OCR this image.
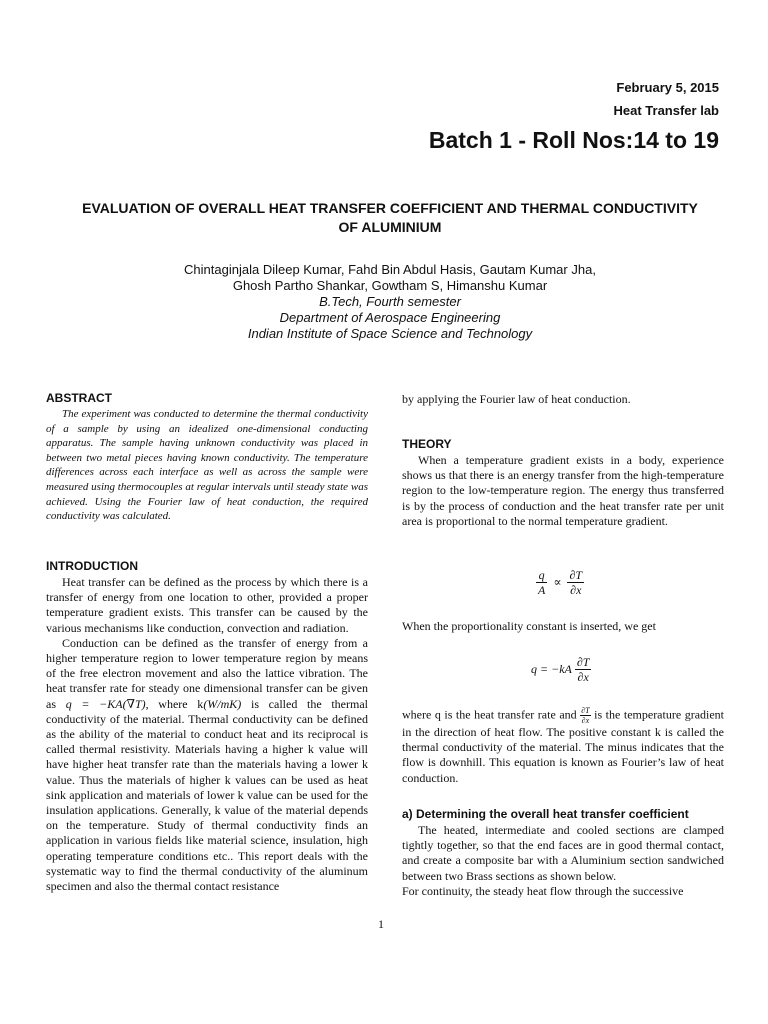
February 5, 2015
Heat Transfer lab
Batch 1 - Roll Nos:14 to 19
EVALUATION OF OVERALL HEAT TRANSFER COEFFICIENT AND THERMAL CONDUCTIVITY OF ALUMINIUM
Chintaginjala Dileep Kumar, Fahd Bin Abdul Hasis, Gautam Kumar Jha,
Ghosh Partho Shankar, Gowtham S, Himanshu Kumar
B.Tech, Fourth semester
Department of Aerospace Engineering
Indian Institute of Space Science and Technology
ABSTRACT

The experiment was conducted to determine the thermal conductivity of a sample by using an idealized one-dimensional conducting apparatus. The sample having unknown conductivity was placed in between two metal pieces having known conductivity. The temperature differences across each interface as well as across the sample were measured using thermocouples at regular intervals until steady state was achieved. Using the Fourier law of heat conduction, the required conductivity was calculated.

INTRODUCTION

Heat transfer can be defined as the process by which there is a transfer of energy from one location to other, provided a proper temperature gradient exists. This transfer can be caused by the various mechanisms like conduction, convection and radiation.

Conduction can be defined as the transfer of energy from a higher temperature region to lower temperature region by means of the free electron movement and also the lattice vibration. The heat transfer rate for steady one dimensional transfer can be given as q = −KA(∇T), where k(W/mK) is called the thermal conductivity of the material. Thermal conductivity can be defined as the ability of the material to conduct heat and its reciprocal is called thermal resistivity. Materials having a higher k value will have higher heat transfer rate than the materials having a lower k value. Thus the materials of higher k values can be used as heat sink application and materials of lower k value can be used for the insulation applications. Generally, k value of the material depends on the temperature. Study of thermal conductivity finds an application in various fields like material science, insulation, high operating temperature conditions etc.. This report deals with the systematic way to find the thermal conductivity of the aluminum specimen and also the thermal contact resistance

by applying the Fourier law of heat conduction.

THEORY

When a temperature gradient exists in a body, experience shows us that there is an energy transfer from the high-temperature region to the low-temperature region. The energy thus transferred is by the process of conduction and the heat transfer rate per unit area is proportional to the normal temperature gradient.

$\frac{q}{A} \propto \frac{\partial T}{\partial x}$

When the proportionality constant is inserted, we get

$q = -kA \frac{\partial T}{\partial x}$

where q is the heat transfer rate and $\frac{\partial T}{\partial x}$ is the temperature gradient in the direction of heat flow. The positive constant k is called the thermal conductivity of the material. The minus indicates that the flow is downhill. This equation is known as Fourier’s law of heat conduction.

a) Determining the overall heat transfer coefficient

The heated, intermediate and cooled sections are clamped tightly together, so that the end faces are in good thermal contact, and create a composite bar with a Aluminium section sandwiched between two Brass sections as shown below.

For continuity, the steady heat flow through the successive

1
